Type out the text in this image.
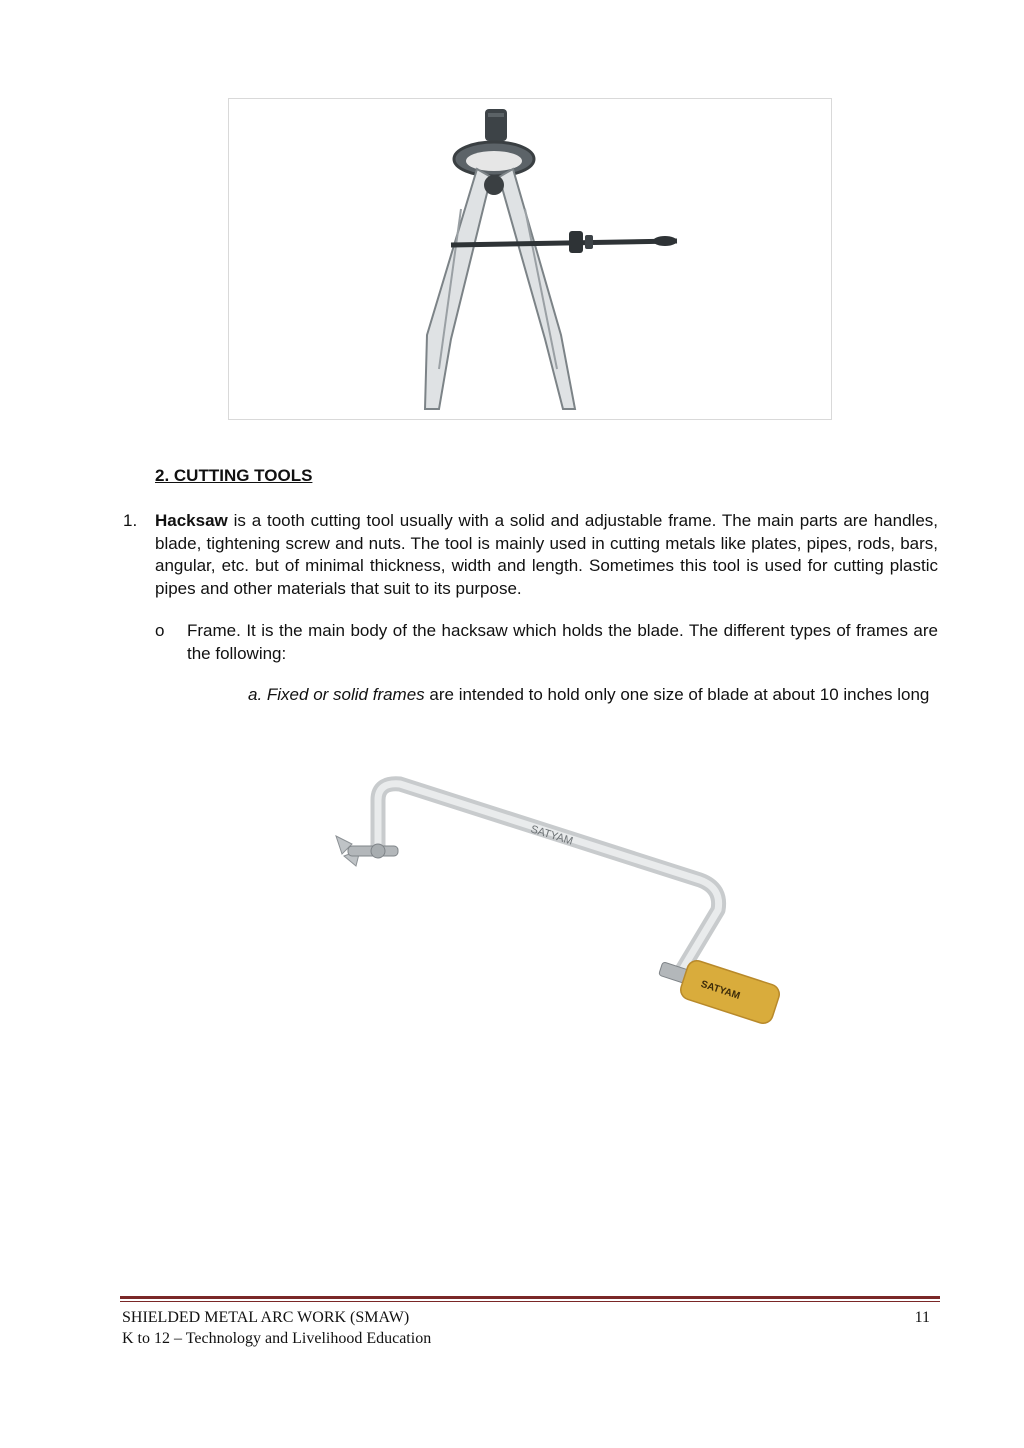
2. CUTTING TOOLS
1. Hacksaw is a tooth cutting tool usually with a solid and adjustable frame. The main parts are handles, blade, tightening screw and nuts. The tool is mainly used in cutting metals like plates, pipes, rods, bars, angular, etc. but of minimal thickness, width and length. Sometimes this tool is used for cutting plastic pipes and other materials that suit to its purpose.
o Frame. It is the main body of the hacksaw which holds the blade. The different types of frames are the following:
a. Fixed or solid frames are intended to hold only one size of blade at about 10 inches long
SATYAM
SATYAM
SHIELDED METAL ARC WORK (SMAW)
K to 12 – Technology and Livelihood Education
11
